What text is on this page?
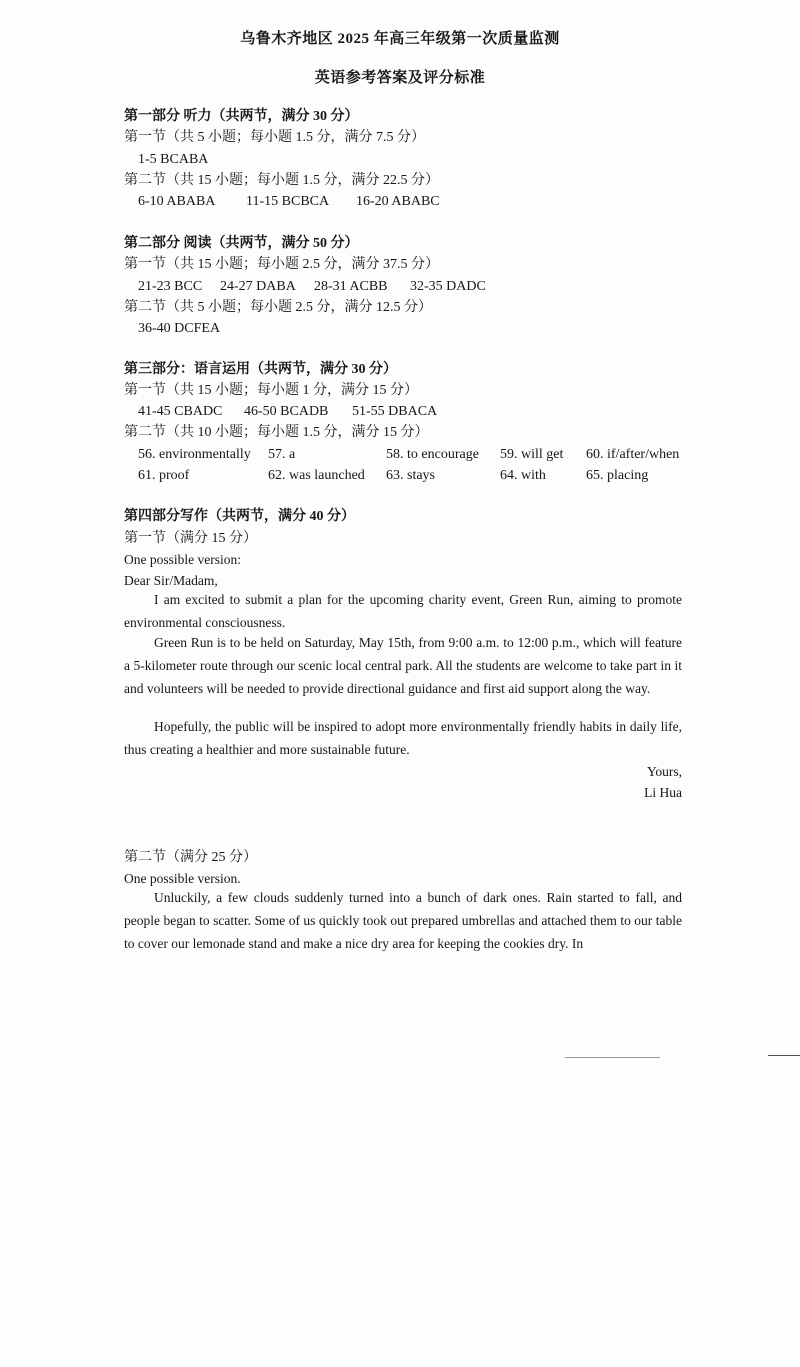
乌鲁木齐地区 2025 年高三年级第一次质量监测
英语参考答案及评分标准
第一部分 听力（共两节，满分 30 分）
第一节（共 5 小题；每小题 1.5 分，满分 7.5 分）
1-5 BCABA
第二节（共 15 小题；每小题 1.5 分，满分 22.5 分）
6-10 ABABA 11-15 BCBCA 16-20 ABABC
第二部分 阅读（共两节，满分 50 分）
第一节（共 15 小题；每小题 2.5 分，满分 37.5 分）
21-23 BCC 24-27 DABA 28-31 ACBB 32-35 DADC
第二节（共 5 小题；每小题 2.5 分，满分 12.5 分）
36-40 DCFEA
第三部分：语言运用（共两节，满分 30 分）
第一节（共 15 小题；每小题 1 分，满分 15 分）
41-45 CBADC 46-50 BCADB 51-55 DBACA
第二节（共 10 小题；每小题 1.5 分，满分 15 分）
56. environmentally 57. a	58. to encourage 59. will get 60. if/after/when
61. proof	62. was launched 63. stays	64. with	65. placing
第四部分写作（共两节，满分 40 分）
第一节（满分 15 分）
One possible version:
Dear Sir/Madam,
I am excited to submit a plan for the upcoming charity event, Green Run, aiming to promote environmental consciousness.
Green Run is to be held on Saturday, May 15th, from 9:00 a.m. to 12:00 p.m., which will feature a 5-kilometer route through our scenic local central park. All the students are welcome to take part in it and volunteers will be needed to provide directional guidance and first aid support along the way.
Hopefully, the public will be inspired to adopt more environmentally friendly habits in daily life, thus creating a healthier and more sustainable future.
Yours,
Li Hua
第二节（满分 25 分）
One possible version.
Unluckily, a few clouds suddenly turned into a bunch of dark ones. Rain started to fall, and people began to scatter. Some of us quickly took out prepared umbrellas and attached them to our table to cover our lemonade stand and make a nice dry area for keeping the cookies dry. In
